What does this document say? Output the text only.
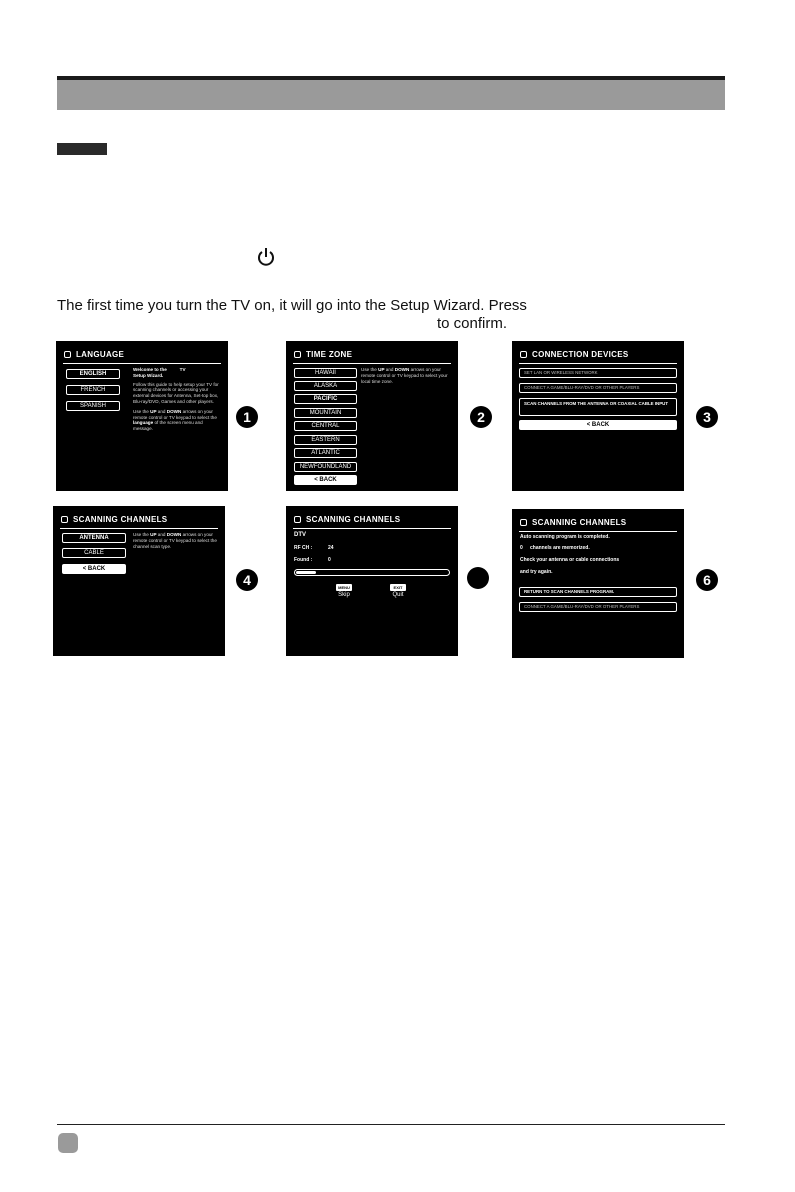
The first time you turn the TV on, it will go into the Setup Wizard. Press
to confirm.
LANGUAGE
ENGLISH
FRENCH
SPANISH
Welcome to the	TV
Setup Wizard.
Follow this guide to help setup your TV for scanning channels or accessing your external devices for Antenna, Set-top box, Blu-ray/DVD, Games and other players.
Use the UP and DOWN arrows on your remote control or TV keypad to select the language of the screen menu and message.
1
TIME ZONE
HAWAII
ALASKA
PACIFIC
MOUNTAIN
CENTRAL
EASTERN
ATLANTIC
NEWFOUNDLAND
< BACK
Use the UP and DOWN arrows on your remote control or TV keypad to select your local time zone.
2
CONNECTION DEVICES
SET LAN OR WIRELESS NETWORK
CONNECT A GAME/BLU-RAY/DVD OR OTHER PLAYERS
SCAN CHANNELS FROM THE ANTENNA OR COAXIAL CABLE INPUT
< BACK	3
SCANNING CHANNELS
ANTENNA
CABLE
< BACK
Use the UP and DOWN arrows on your remote control or TV keypad to select the channel scan type.
4
SCANNING CHANNELS
DTV
RF CH :	24
Found :	0
MENU	EXIT
Skip	Quit
5
SCANNING CHANNELS
Auto scanning program is completed.
0 channels are memorized.
Check your antenna or cable connections
and try again.
RETURN TO SCAN CHANNELS PROGRAM.
CONNECT A GAME/BLU-RAY/DVD OR OTHER PLAYERS
6
